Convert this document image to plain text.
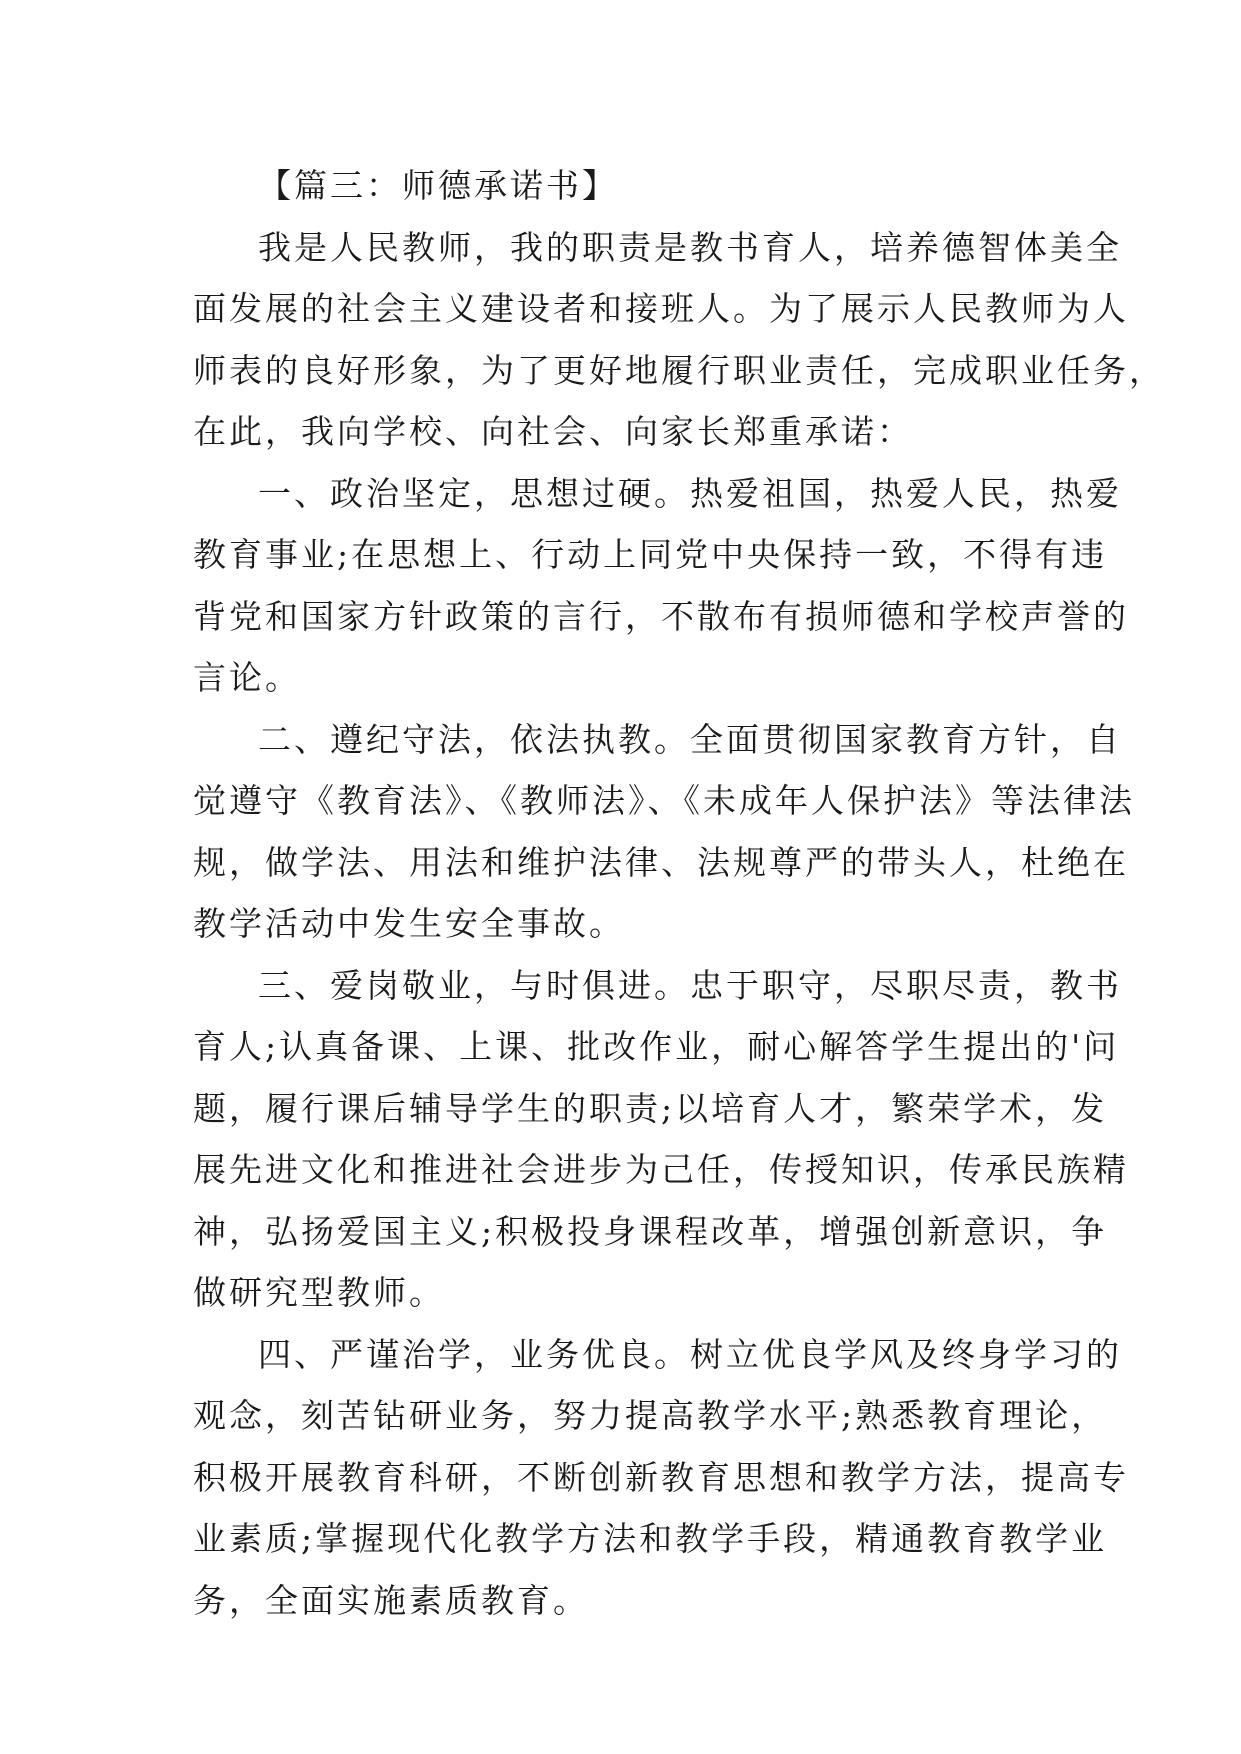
【篇三：师德承诺书】
我是人民教师，我的职责是教书育人，培养德智体美全
面发展的社会主义建设者和接班人。为了展示人民教师为人
师表的良好形象，为了更好地履行职业责任，完成职业任务，
在此，我向学校、向社会、向家长郑重承诺：
一、政治坚定，思想过硬。热爱祖国，热爱人民，热爱
教育事业;在思想上、行动上同党中央保持一致，不得有违
背党和国家方针政策的言行，不散布有损师德和学校声誉的
言论。
二、遵纪守法，依法执教。全面贯彻国家教育方针，自
觉遵守《教育法》、《教师法》、《未成年人保护法》等法律法
规，做学法、用法和维护法律、法规尊严的带头人，杜绝在
教学活动中发生安全事故。
三、爱岗敬业，与时俱进。忠于职守，尽职尽责，教书
育人;认真备课、上课、批改作业，耐心解答学生提出的'问
题，履行课后辅导学生的职责;以培育人才，繁荣学术，发
展先进文化和推进社会进步为己任，传授知识，传承民族精
神，弘扬爱国主义;积极投身课程改革，增强创新意识，争
做研究型教师。
四、严谨治学，业务优良。树立优良学风及终身学习的
观念，刻苦钻研业务，努力提高教学水平;熟悉教育理论，
积极开展教育科研，不断创新教育思想和教学方法，提高专
业素质;掌握现代化教学方法和教学手段，精通教育教学业
务，全面实施素质教育。
